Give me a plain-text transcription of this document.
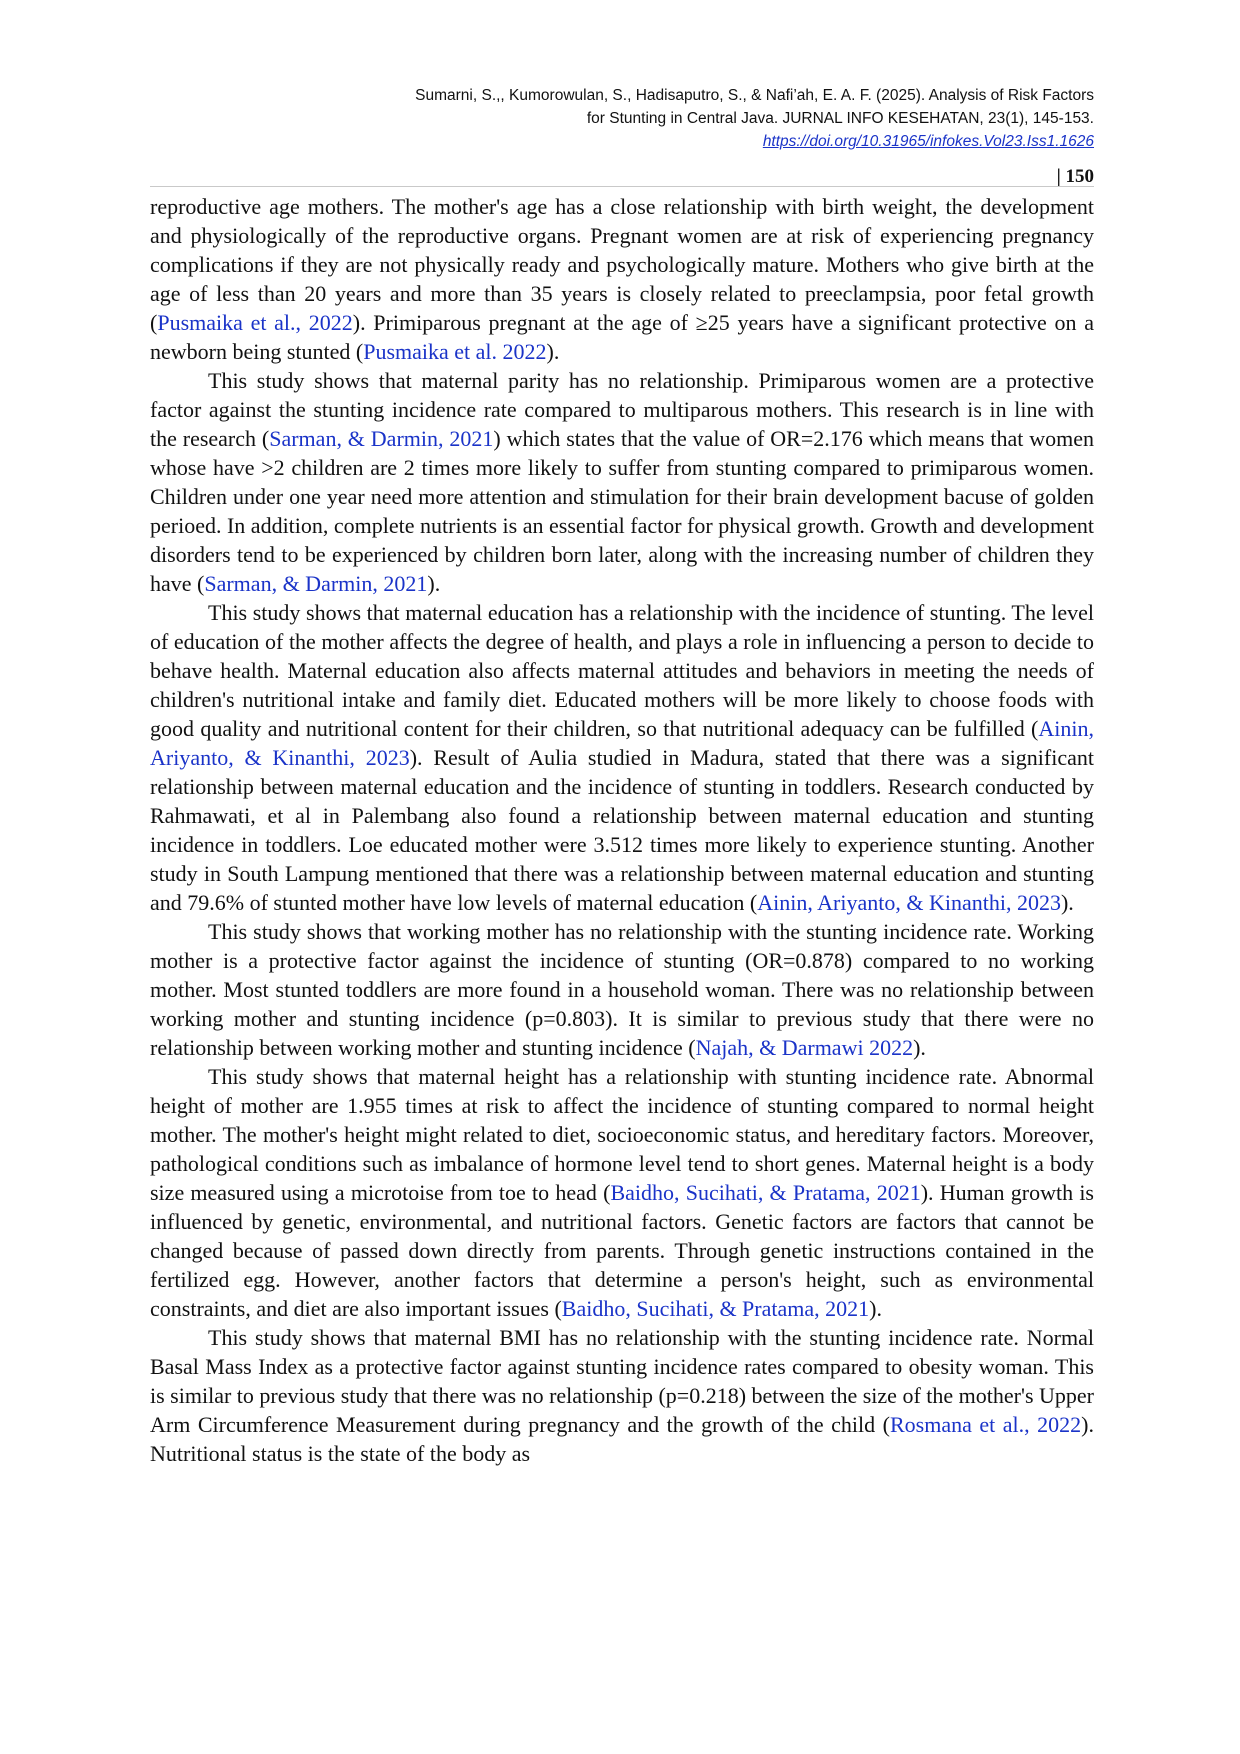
Sumarni, S.,, Kumorowulan, S., Hadisaputro, S., & Nafi’ah, E. A. F. (2025). Analysis of Risk Factors
for Stunting in Central Java. JURNAL INFO KESEHATAN, 23(1), 145-153.
https://doi.org/10.31965/infokes.Vol23.Iss1.1626
| 150

reproductive age mothers. The mother's age has a close relationship with birth weight, the development and physiologically of the reproductive organs. Pregnant women are at risk of experiencing pregnancy complications if they are not physically ready and psychologically mature. Mothers who give birth at the age of less than 20 years and more than 35 years is closely related to preeclampsia, poor fetal growth (Pusmaika et al., 2022). Primiparous pregnant at the age of ≥25 years have a significant protective on a newborn being stunted (Pusmaika et al. 2022).

This study shows that maternal parity has no relationship. Primiparous women are a protective factor against the stunting incidence rate compared to multiparous mothers. This research is in line with the research (Sarman, & Darmin, 2021) which states that the value of OR=2.176 which means that women whose have >2 children are 2 times more likely to suffer from stunting compared to primiparous women. Children under one year need more attention and stimulation for their brain development bacuse of golden perioed. In addition, complete nutrients is an essential factor for physical growth. Growth and development disorders tend to be experienced by children born later, along with the increasing number of children they have (Sarman, & Darmin, 2021).

This study shows that maternal education has a relationship with the incidence of stunting. The level of education of the mother affects the degree of health, and plays a role in influencing a person to decide to behave health. Maternal education also affects maternal attitudes and behaviors in meeting the needs of children's nutritional intake and family diet. Educated mothers will be more likely to choose foods with good quality and nutritional content for their children, so that nutritional adequacy can be fulfilled (Ainin, Ariyanto, & Kinanthi, 2023). Result of Aulia studied in Madura, stated that there was a significant relationship between maternal education and the incidence of stunting in toddlers. Research conducted by Rahmawati, et al in Palembang also found a relationship between maternal education and stunting incidence in toddlers. Loe educated mother were 3.512 times more likely to experience stunting. Another study in South Lampung mentioned that there was a relationship between maternal education and stunting and 79.6% of stunted mother have low levels of maternal education (Ainin, Ariyanto, & Kinanthi, 2023).

This study shows that working mother has no relationship with the stunting incidence rate. Working mother is a protective factor against the incidence of stunting (OR=0.878) compared to no working mother. Most stunted toddlers are more found in a household woman. There was no relationship between working mother and stunting incidence (p=0.803). It is similar to previous study that there were no relationship between working mother and stunting incidence (Najah, & Darmawi 2022).

This study shows that maternal height has a relationship with stunting incidence rate. Abnormal height of mother are 1.955 times at risk to affect the incidence of stunting compared to normal height mother. The mother's height might related to diet, socioeconomic status, and hereditary factors. Moreover, pathological conditions such as imbalance of hormone level tend to short genes. Maternal height is a body size measured using a microtoise from toe to head (Baidho, Sucihati, & Pratama, 2021). Human growth is influenced by genetic, environmental, and nutritional factors. Genetic factors are factors that cannot be changed because of passed down directly from parents. Through genetic instructions contained in the fertilized egg. However, another factors that determine a person's height, such as environmental constraints, and diet are also important issues (Baidho, Sucihati, & Pratama, 2021).

This study shows that maternal BMI has no relationship with the stunting incidence rate. Normal Basal Mass Index as a protective factor against stunting incidence rates compared to obesity woman. This is similar to previous study that there was no relationship (p=0.218) between the size of the mother's Upper Arm Circumference Measurement during pregnancy and the growth of the child (Rosmana et al., 2022). Nutritional status is the state of the body as
